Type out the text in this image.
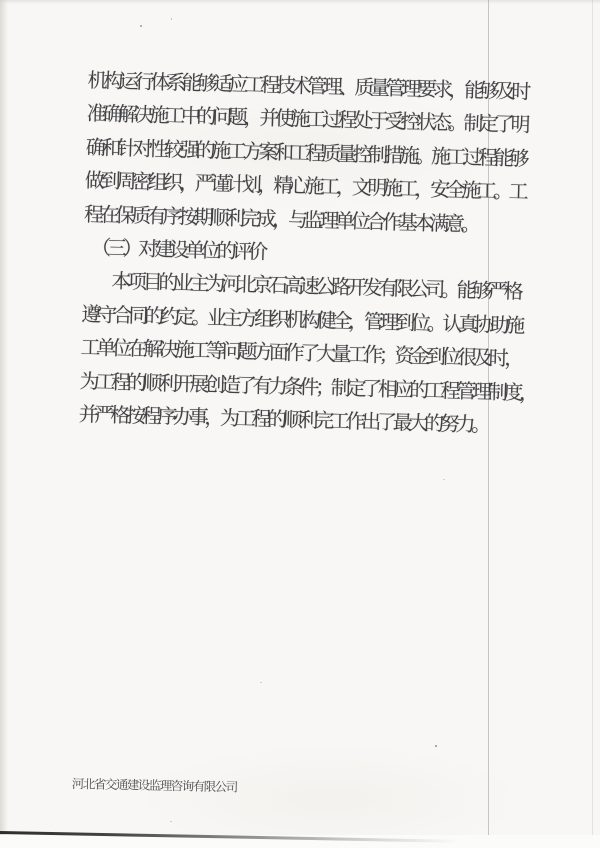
机构运行体系能够适应工程技术管理、质量管理要求，能够及时
准确解决施工中的问题，并使施工过程处于受控状态。制定了明
确和针对性较强的施工方案和工程质量控制措施。施工过程能够
做到周密组织，严谨计划，精心施工，文明施工，安全施工。工
程在保质有序按期顺利完成，与监理单位合作基本满意。
（三）对建设单位的评价
本项目的业主为河北京石高速公路开发有限公司。能够严格
遵守合同的约定。业主方组织机构健全，管理到位。认真协助施
工单位在解决施工等问题方面作了大量工作；资金到位很及时，
为工程的顺利开展创造了有力条件；制定了相应的工程管理制度，
并严格按程序办事，为工程的顺利完工作出了最大的努力。
河北省交通建设监理咨询有限公司
